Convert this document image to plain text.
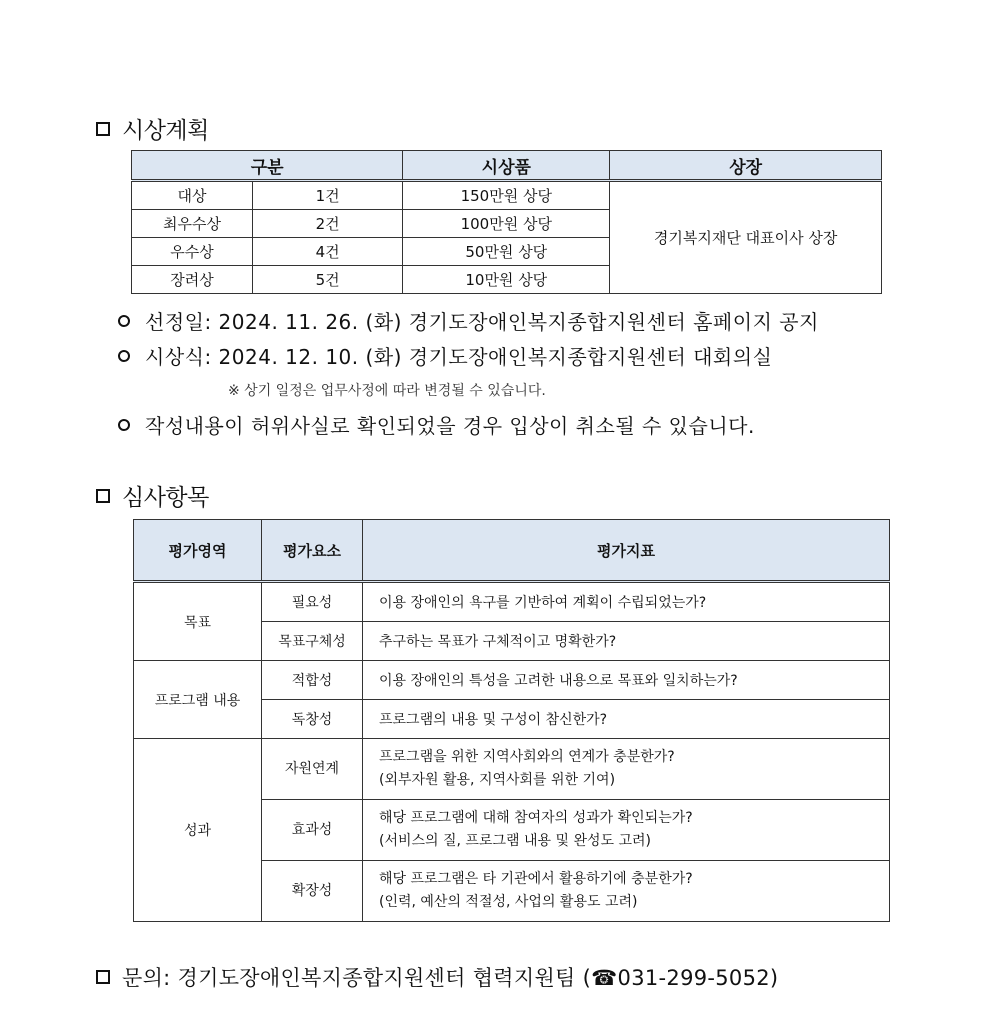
시상계획
구분		시상품	상장
대상	1건	150만원 상당	경기복지재단 대표이사 상장
최우수상	2건	100만원 상당	
우수상	4건	50만원 상당	
장려상	5건	10만원 상당	
선정일: 2024. 11. 26. (화) 경기도장애인복지종합지원센터 홈페이지 공지
시상식: 2024. 12. 10. (화) 경기도장애인복지종합지원센터 대회의실
※ 상기 일정은 업무사정에 따라 변경될 수 있습니다.
작성내용이 허위사실로 확인되었을 경우 입상이 취소될 수 있습니다.
심사항목
평가영역	평가요소	평가지표
목표	필요성	이용 장애인의 욕구를 기반하여 계획이 수립되었는가?
	목표구체성	추구하는 목표가 구체적이고 명확한가?
프로그램 내용	적합성	이용 장애인의 특성을 고려한 내용으로 목표와 일치하는가?
	독창성	프로그램의 내용 및 구성이 참신한가?
성과	자원연계	프로그램을 위한 지역사회와의 연계가 충분한가?
(외부자원 활용, 지역사회를 위한 기여)

	효과성	해당 프로그램에 대해 참여자의 성과가 확인되는가?
(서비스의 질, 프로그램 내용 및 완성도 고려)

	확장성	해당 프로그램은 타 기관에서 활용하기에 충분한가?
(인력, 예산의 적절성, 사업의 활용도 고려)
문의: 경기도장애인복지종합지원센터 협력지원팀 (☎031-299-5052)
